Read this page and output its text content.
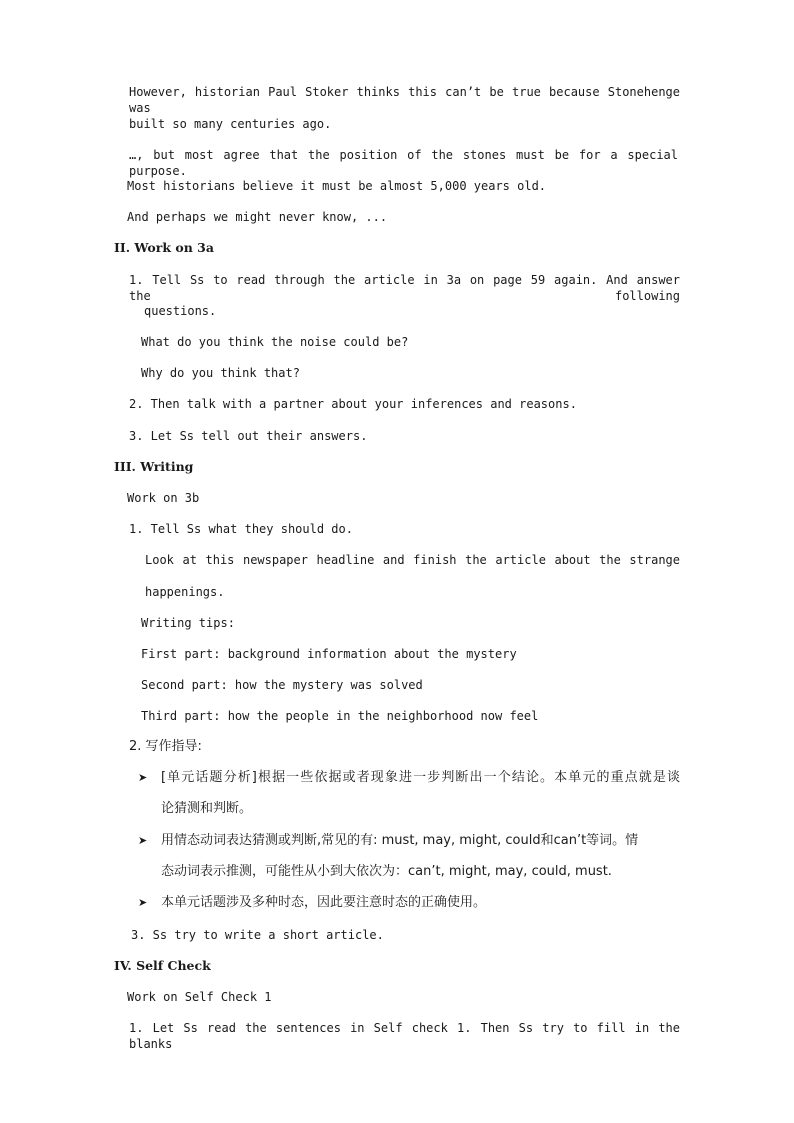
However, historian Paul Stoker thinks this can’t be true because Stonehenge was
built so many centuries ago.
…, but most agree that the position of the stones must be for a special purpose.
Most historians believe it must be almost 5,000 years old.
And perhaps we might never know, ...
II. Work on 3a
1. Tell Ss to read through the article in 3a on page 59 again. And answer the following
questions.
What do you think the noise could be?
Why do you think that?
2. Then talk with a partner about your inferences and reasons.
3. Let Ss tell out their answers.
III. Writing
Work on 3b
1. Tell Ss what they should do.
Look at this newspaper headline and finish the article about the strange
happenings.
Writing tips:
First part: background information about the mystery
Second part: how the mystery was solved
Third part: how the people in the neighborhood now feel
2. 写作指导:
➤ [单元话题分析]根据一些依据或者现象进一步判断出一个结论。本单元的重点就是谈
论猜测和判断。
➤ 用情态动词表达猜测或判断,常见的有: must, may, might, could和can’t等词。情
态动词表示推测，可能性从小到大依次为：can’t, might, may, could, must.
➤ 本单元话题涉及多种时态，因此要注意时态的正确使用。
3. Ss try to write a short article.
IV. Self Check
Work on Self Check 1
1. Let Ss read the sentences in Self check 1. Then Ss try to fill in the blanks
